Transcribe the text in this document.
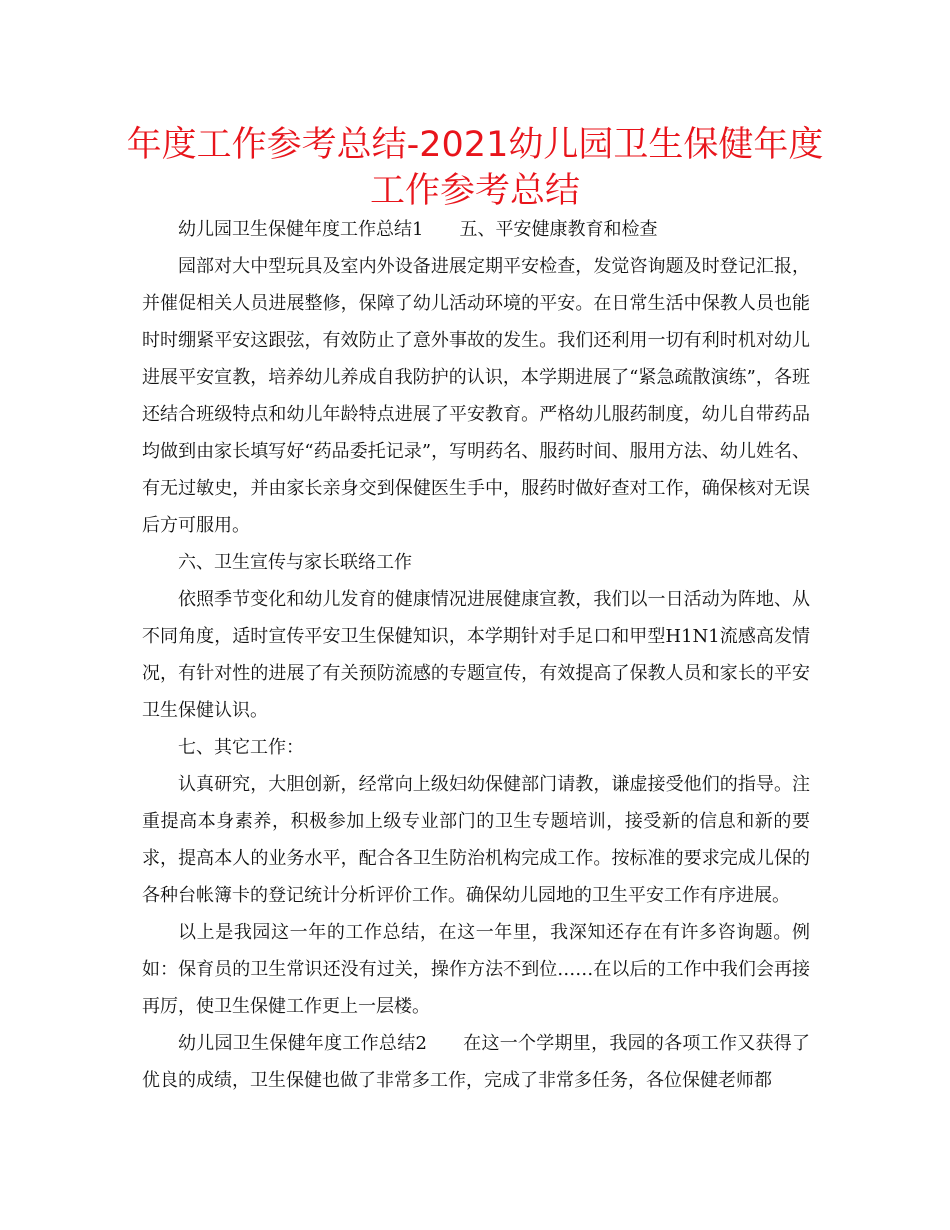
年度工作参考总结-2021幼儿园卫生保健年度工作参考总结

幼儿园卫生保健年度工作总结1 五、平安健康教育和检查

园部对大中型玩具及室内外设备进展定期平安检查，发觉咨询题及时登记汇报，并催促相关人员进展整修，保障了幼儿活动环境的平安。在日常生活中保教人员也能时时绷紧平安这跟弦，有效防止了意外事故的发生。我们还利用一切有利时机对幼儿进展平安宣教，培养幼儿养成自我防护的认识，本学期进展了“紧急疏散演练”，各班还结合班级特点和幼儿年龄特点进展了平安教育。严格幼儿服药制度，幼儿自带药品均做到由家长填写好“药品委托记录”，写明药名、服药时间、服用方法、幼儿姓名、有无过敏史，并由家长亲身交到保健医生手中，服药时做好查对工作，确保核对无误后方可服用。

六、卫生宣传与家长联络工作

依照季节变化和幼儿发育的健康情况进展健康宣教，我们以一日活动为阵地、从不同角度，适时宣传平安卫生保健知识，本学期针对手足口和甲型H1N1流感高发情况，有针对性的进展了有关预防流感的专题宣传，有效提高了保教人员和家长的平安卫生保健认识。

七、其它工作：

认真研究，大胆创新，经常向上级妇幼保健部门请教，谦虚接受他们的指导。注重提高本身素养，积极参加上级专业部门的卫生专题培训，接受新的信息和新的要求，提高本人的业务水平，配合各卫生防治机构完成工作。按标准的要求完成儿保的各种台帐簿卡的登记统计分析评价工作。确保幼儿园地的卫生平安工作有序进展。

以上是我园这一年的工作总结，在这一年里，我深知还存在有许多咨询题。例如：保育员的卫生常识还没有过关，操作方法不到位……在以后的工作中我们会再接再厉，使卫生保健工作更上一层楼。

幼儿园卫生保健年度工作总结2 在这一个学期里，我园的各项工作又获得了优良的成绩，卫生保健也做了非常多工作，完成了非常多任务，各位保健老师都
